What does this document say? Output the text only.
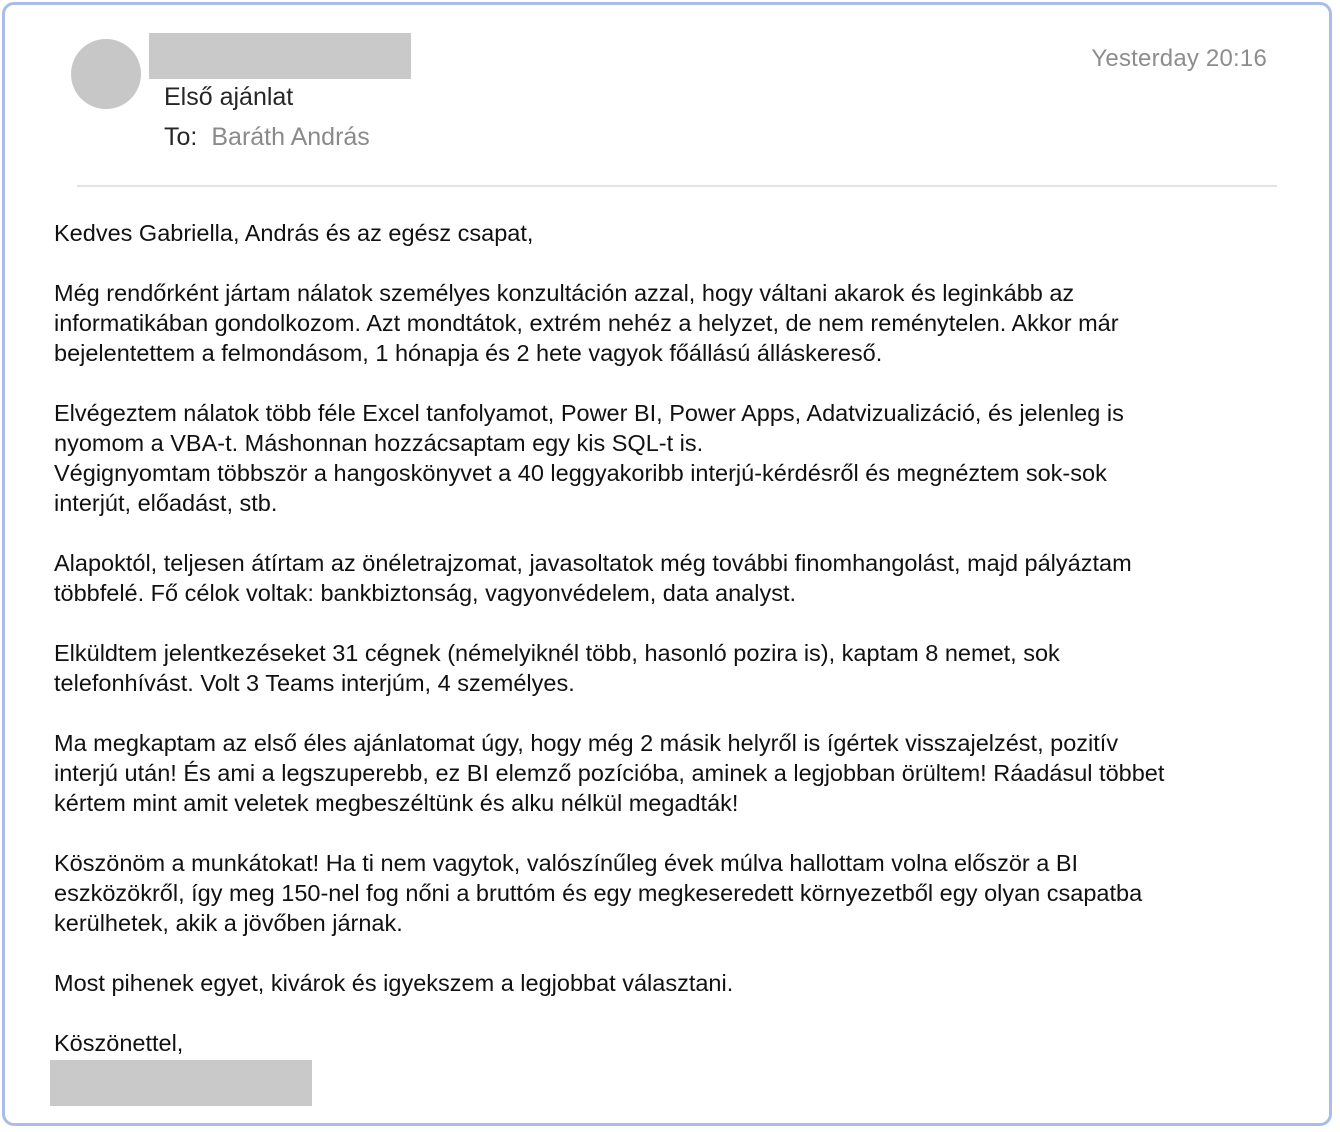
Yesterday 20:16
Első ajánlat
To: Baráth András

Kedves Gabriella, András és az egész csapat,

Még rendőrként jártam nálatok személyes konzultáción azzal, hogy váltani akarok és leginkább az
informatikában gondolkozom. Azt mondtátok, extrém nehéz a helyzet, de nem reménytelen. Akkor már
bejelentettem a felmondásom, 1 hónapja és 2 hete vagyok főállású álláskereső.

Elvégeztem nálatok több féle Excel tanfolyamot, Power BI, Power Apps, Adatvizualizáció, és jelenleg is
nyomom a VBA-t. Máshonnan hozzácsaptam egy kis SQL-t is.
Végignyomtam többször a hangoskönyvet a 40 leggyakoribb interjú-kérdésről és megnéztem sok-sok
interjút, előadást, stb.

Alapoktól, teljesen átírtam az önéletrajzomat, javasoltatok még további finomhangolást, majd pályáztam
többfelé. Fő célok voltak: bankbiztonság, vagyonvédelem, data analyst.

Elküldtem jelentkezéseket 31 cégnek (némelyiknél több, hasonló pozira is), kaptam 8 nemet, sok
telefonhívást. Volt 3 Teams interjúm, 4 személyes.

Ma megkaptam az első éles ajánlatomat úgy, hogy még 2 másik helyről is ígértek visszajelzést, pozitív
interjú után! És ami a legszuperebb, ez BI elemző pozícióba, aminek a legjobban örültem! Ráadásul többet
kértem mint amit veletek megbeszéltünk és alku nélkül megadták!

Köszönöm a munkátokat! Ha ti nem vagytok, valószínűleg évek múlva hallottam volna először a BI
eszközökről, így meg 150-nel fog nőni a bruttóm és egy megkeseredett környezetből egy olyan csapatba
kerülhetek, akik a jövőben járnak.

Most pihenek egyet, kivárok és igyekszem a legjobbat választani.

Köszönettel,
